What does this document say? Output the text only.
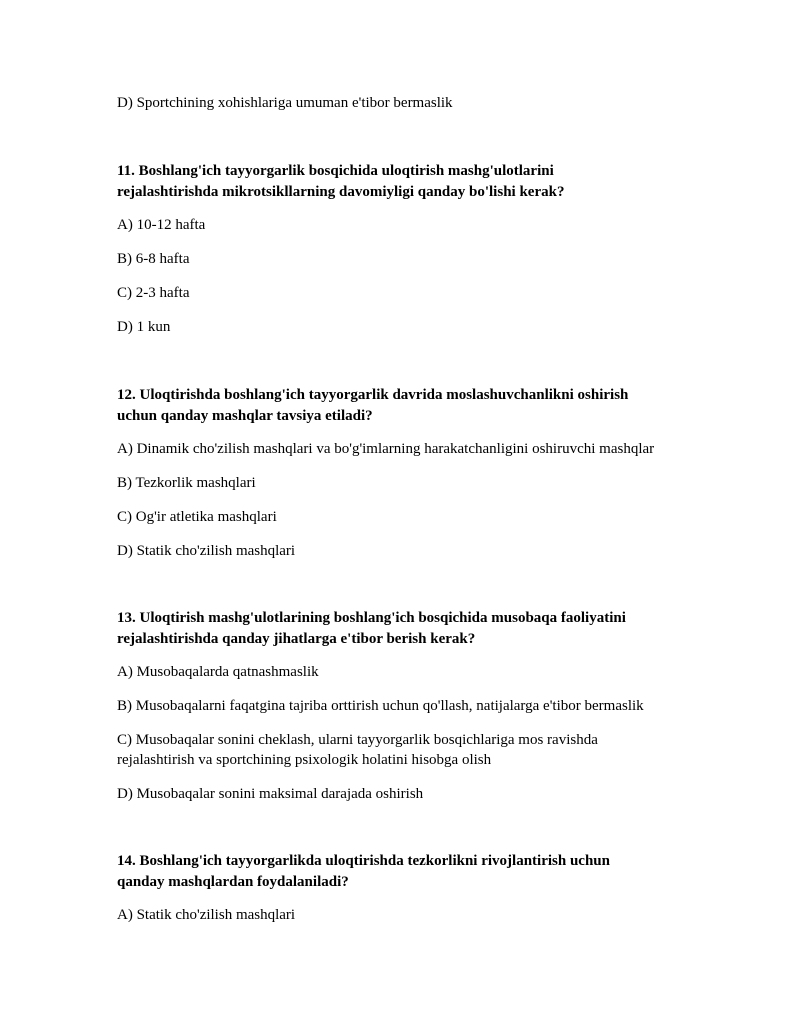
D) Sportchining xohishlariga umuman e'tibor bermaslik
11. Boshlang'ich tayyorgarlik bosqichida uloqtirish mashg'ulotlarini
rejalashtirishda mikrotsikllarning davomiyligi qanday bo'lishi kerak?
A) 10-12 hafta
B) 6-8 hafta
C) 2-3 hafta
D) 1 kun
12. Uloqtirishda boshlang'ich tayyorgarlik davrida moslashuvchanlikni oshirish
uchun qanday mashqlar tavsiya etiladi?
A) Dinamik cho'zilish mashqlari va bo'g'imlarning harakatchanligini oshiruvchi mashqlar
B) Tezkorlik mashqlari
C) Og'ir atletika mashqlari
D) Statik cho'zilish mashqlari
13. Uloqtirish mashg'ulotlarining boshlang'ich bosqichida musobaqa faoliyatini
rejalashtirishda qanday jihatlarga e'tibor berish kerak?
A) Musobaqalarda qatnashmaslik
B) Musobaqalarni faqatgina tajriba orttirish uchun qo'llash, natijalarga e'tibor bermaslik
C) Musobaqalar sonini cheklash, ularni tayyorgarlik bosqichlariga mos ravishda
rejalashtirish va sportchining psixologik holatini hisobga olish
D) Musobaqalar sonini maksimal darajada oshirish
14. Boshlang'ich tayyorgarlikda uloqtirishda tezkorlikni rivojlantirish uchun
qanday mashqlardan foydalaniladi?
A) Statik cho'zilish mashqlari
